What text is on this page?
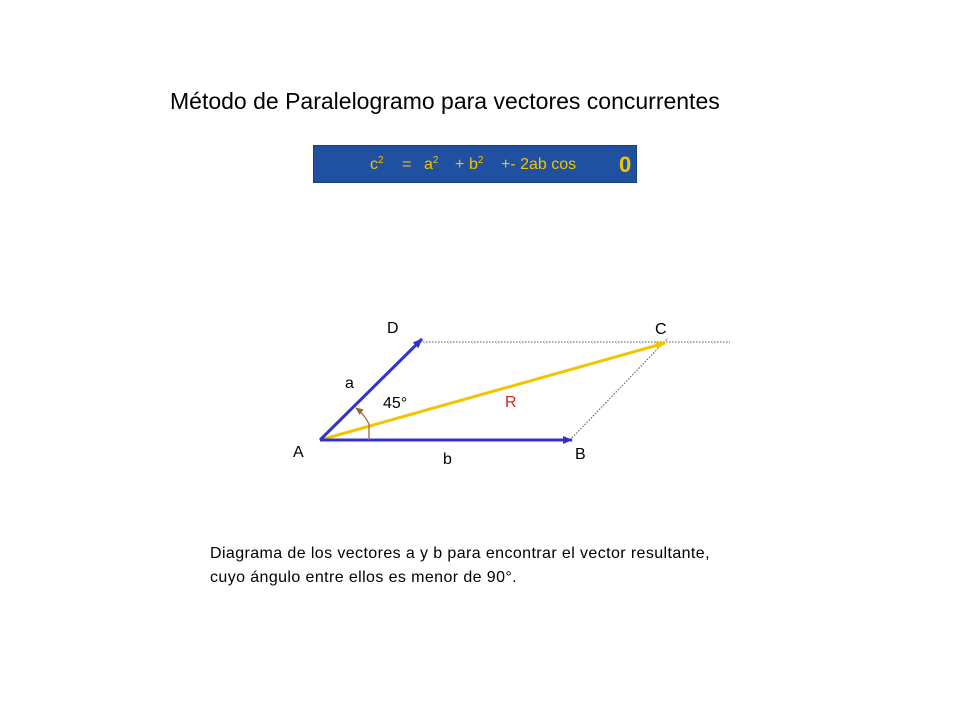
Método de Paralelogramo para vectores concurrentes
$c^2 = a^2 + b^2 +- 2ab$ cos 0
A	B
C
D
a
b
R
45°
Diagrama de los vectores a y b para encontrar el vector resultante,
cuyo ángulo entre ellos es menor de 90°.
